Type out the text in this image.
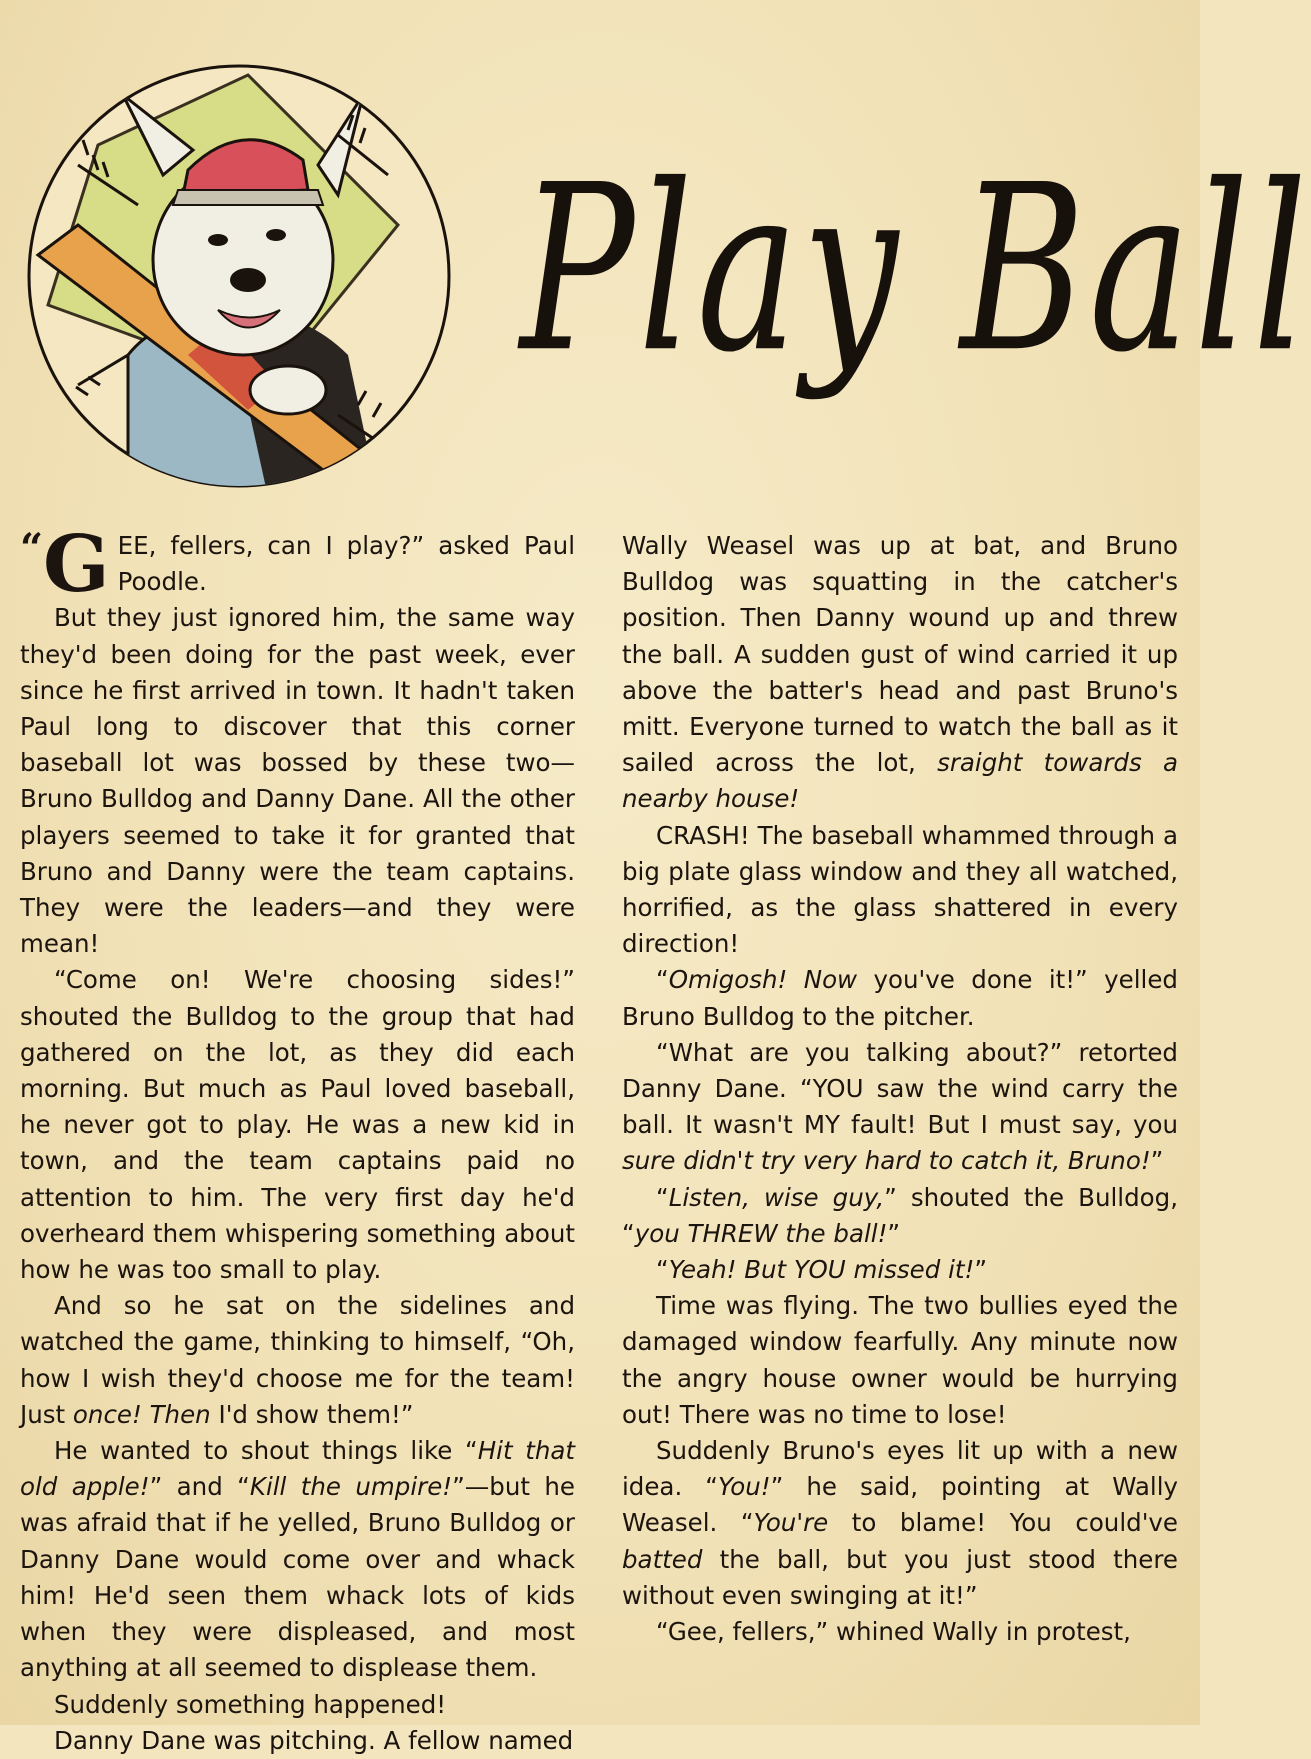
Play Ball

“G EE, fellers, can I play?” asked Paul Poodle.

But they just ignored him, the same way they'd been doing for the past week, ever since he first arrived in town. It hadn't taken Paul long to discover that this corner baseball lot was bossed by these two—Bruno Bulldog and Danny Dane. All the other players seemed to take it for granted that Bruno and Danny were the team captains. They were the leaders—and they were mean!

“Come on! We're choosing sides!” shouted the Bulldog to the group that had gathered on the lot, as they did each morning. But much as Paul loved baseball, he never got to play. He was a new kid in town, and the team captains paid no attention to him. The very first day he'd overheard them whispering something about how he was too small to play.

And so he sat on the sidelines and watched the game, thinking to himself, “Oh, how I wish they'd choose me for the team! Just once! Then I'd show them!”

He wanted to shout things like “Hit that old apple!” and “Kill the umpire!”—but he was afraid that if he yelled, Bruno Bulldog or Danny Dane would come over and whack him! He'd seen them whack lots of kids when they were displeased, and most anything at all seemed to displease them.

Suddenly something happened!

Danny Dane was pitching. A fellow named

Wally Weasel was up at bat, and Bruno Bulldog was squatting in the catcher's position. Then Danny wound up and threw the ball. A sudden gust of wind carried it up above the batter's head and past Bruno's mitt. Everyone turned to watch the ball as it sailed across the lot, sraight towards a nearby house!

CRASH! The baseball whammed through a big plate glass window and they all watched, horrified, as the glass shattered in every direction!

“Omigosh! Now you've done it!” yelled Bruno Bulldog to the pitcher.

“What are you talking about?” retorted Danny Dane. “YOU saw the wind carry the ball. It wasn't MY fault! But I must say, you sure didn't try very hard to catch it, Bruno!”

“Listen, wise guy,” shouted the Bulldog, “you THREW the ball!”

“Yeah! But YOU missed it!”

Time was flying. The two bullies eyed the damaged window fearfully. Any minute now the angry house owner would be hurrying out! There was no time to lose!

Suddenly Bruno's eyes lit up with a new idea. “You!” he said, pointing at Wally Weasel. “You're to blame! You could've batted the ball, but you just stood there without even swinging at it!”

“Gee, fellers,” whined Wally in protest,
